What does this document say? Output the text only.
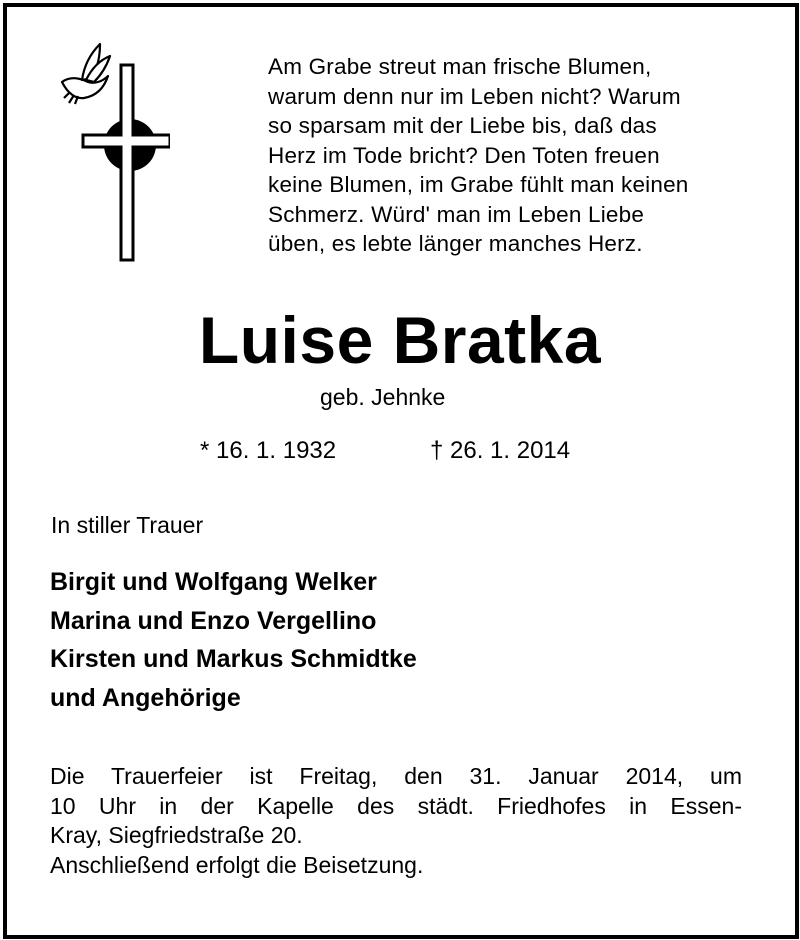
Am Grabe streut man frische Blumen,
warum denn nur im Leben nicht? Warum
so sparsam mit der Liebe bis, daß das
Herz im Tode bricht? Den Toten freuen
keine Blumen, im Grabe fühlt man keinen
Schmerz. Würd' man im Leben Liebe
üben, es lebte länger manches Herz.
Luise Bratka
geb. Jehnke
* 16. 1. 1932	† 26. 1. 2014
In stiller Trauer
Birgit und Wolfgang Welker
Marina und Enzo Vergellino
Kirsten und Markus Schmidtke
und Angehörige
Die Trauerfeier ist Freitag, den 31. Januar 2014, um
10 Uhr in der Kapelle des städt. Friedhofes in Essen-
Kray, Siegfriedstraße 20.
Anschließend erfolgt die Beisetzung.
